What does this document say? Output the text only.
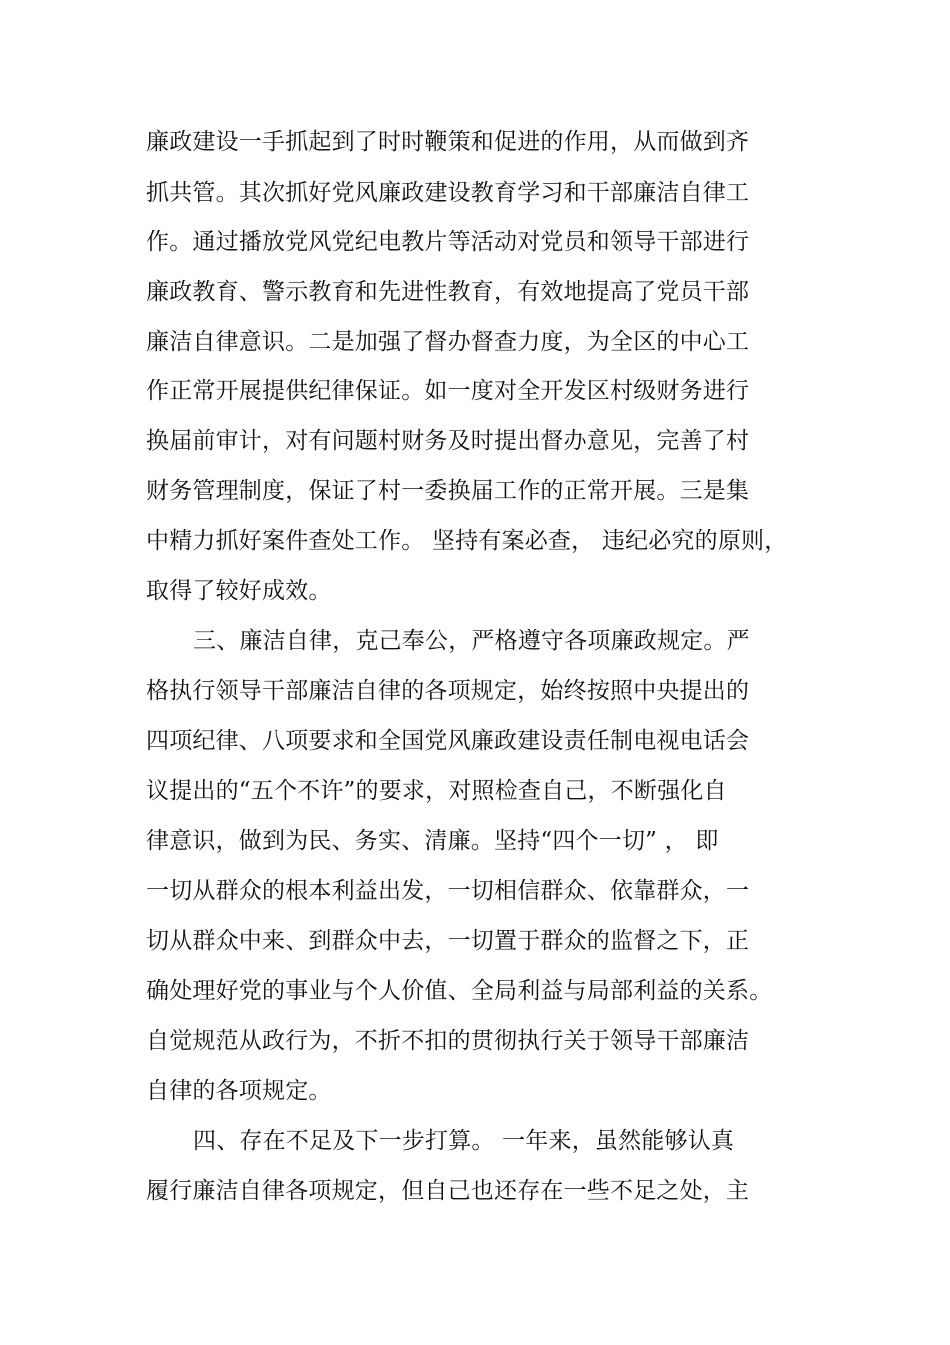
廉政建设一手抓起到了时时鞭策和促进的作用，从而做到齐
抓共管。其次抓好党风廉政建设教育学习和干部廉洁自律工
作。通过播放党风党纪电教片等活动对党员和领导干部进行
廉政教育、警示教育和先进性教育，有效地提高了党员干部
廉洁自律意识。二是加强了督办督查力度，为全区的中心工
作正常开展提供纪律保证。如一度对全开发区村级财务进行
换届前审计，对有问题村财务及时提出督办意见，完善了村
财务管理制度，保证了村一委换届工作的正常开展。三是集
中精力抓好案件查处工作。 坚持有案必查， 违纪必究的原则，
取得了较好成效。
三、廉洁自律，克己奉公，严格遵守各项廉政规定。严
格执行领导干部廉洁自律的各项规定，始终按照中央提出的
四项纪律、八项要求和全国党风廉政建设责任制电视电话会
议提出的“五个不许”的要求，对照检查自己，不断强化自
律意识，做到为民、务实、清廉。坚持“四个一切” ， 即
一切从群众的根本利益出发，一切相信群众、依靠群众，一
切从群众中来、到群众中去，一切置于群众的监督之下，正
确处理好党的事业与个人价值、全局利益与局部利益的关系。
自觉规范从政行为，不折不扣的贯彻执行关于领导干部廉洁
自律的各项规定。
四、存在不足及下一步打算。 一年来，虽然能够认真
履行廉洁自律各项规定，但自己也还存在一些不足之处，主
